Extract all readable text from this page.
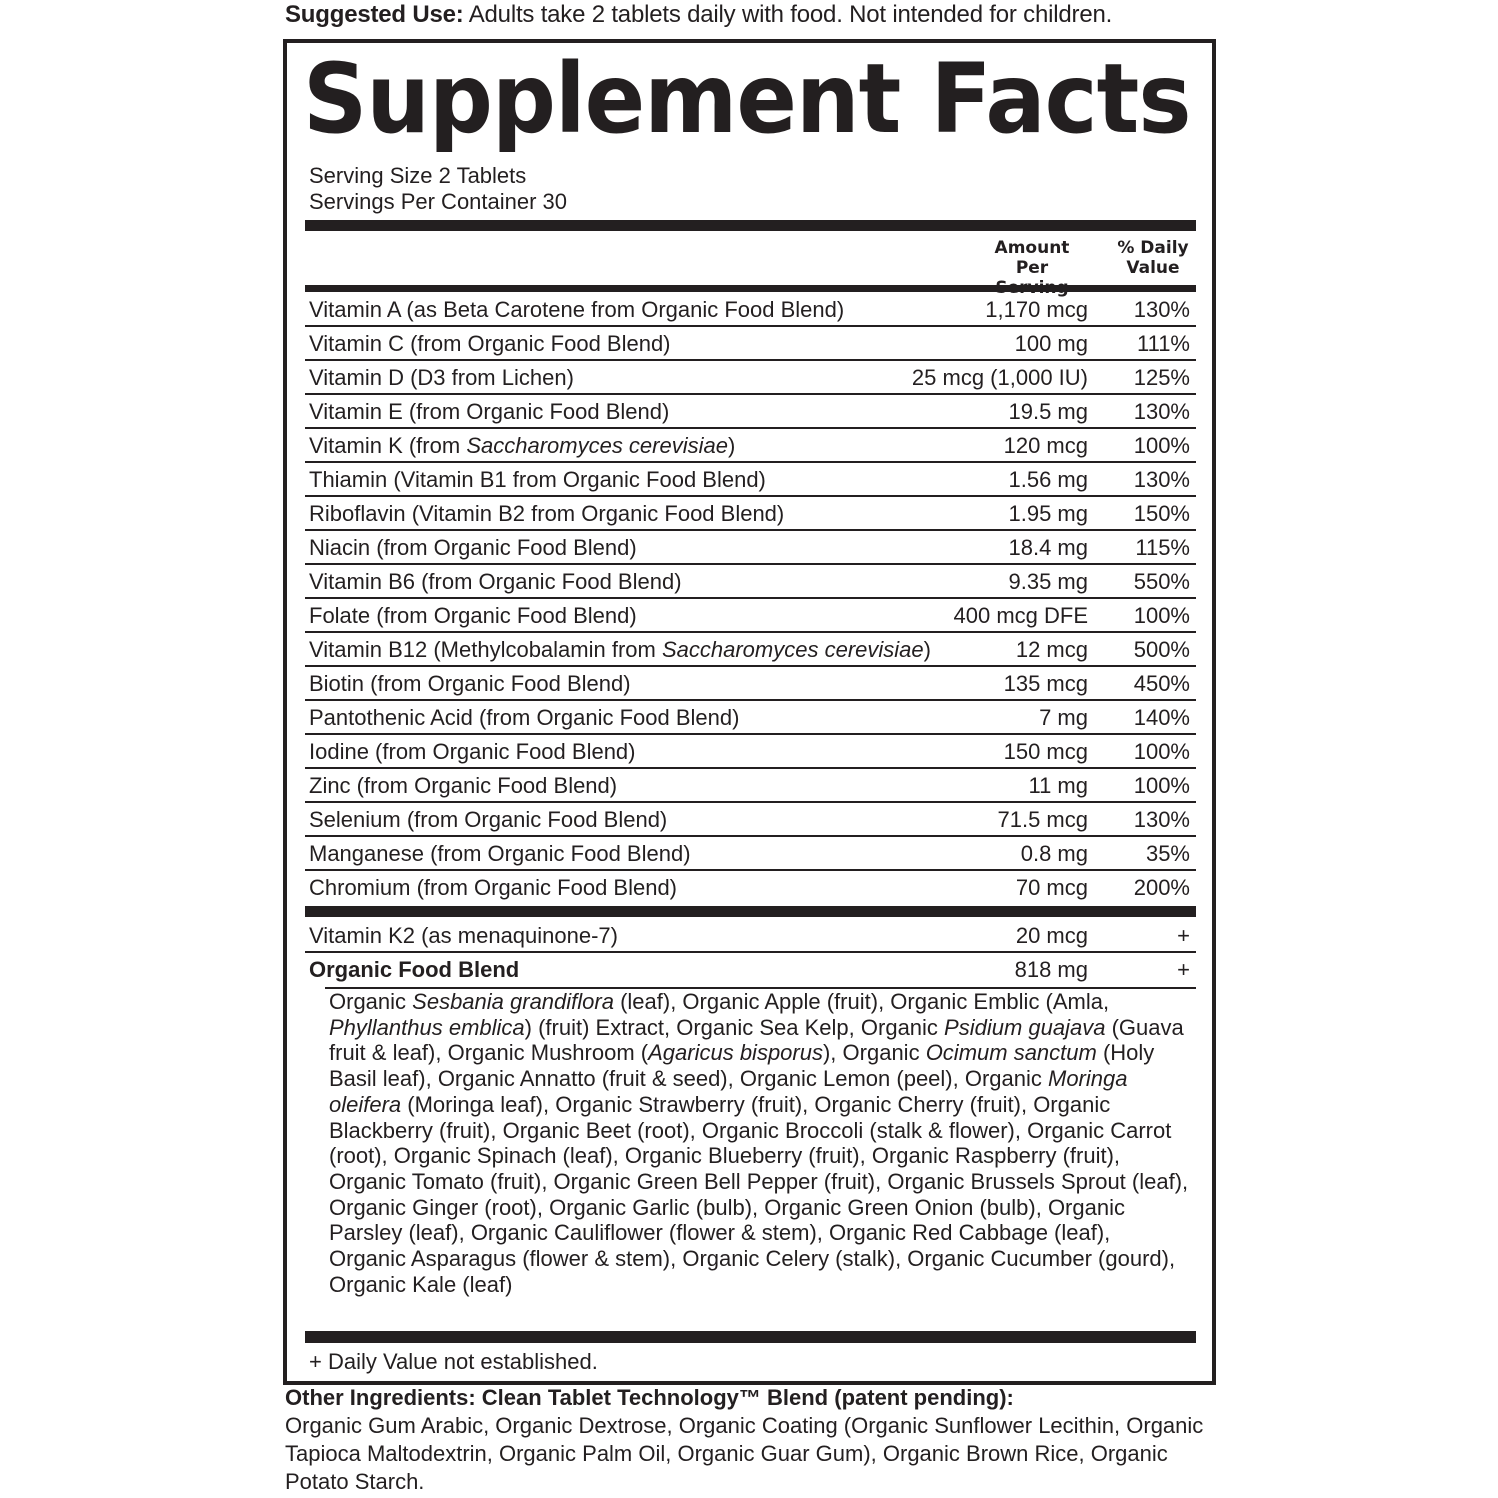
Suggested Use: Adults take 2 tablets daily with food. Not intended for children.
Supplement Facts
Serving Size 2 Tablets
Servings Per Container 30
Amount Per
% Daily
Value
Vitamin A (as Beta Carotene from Organic Food Blend)	1,170 mcg 130%
Vitamin C (from Organic Food Blend)	100 mg 111%
Vitamin D (D3 from Lichen)	25 mcg (1,000 IU) 125%
Vitamin E (from Organic Food Blend)	19.5 mg 130%
Vitamin K (from Saccharomyces cerevisiae)	120 mcg 100%
Thiamin (Vitamin B1 from Organic Food Blend)	1.56 mg 130%
Riboflavin (Vitamin B2 from Organic Food Blend)	1.95 mg 150%
Niacin (from Organic Food Blend)	18.4 mg 115%
Vitamin B6 (from Organic Food Blend)	9.35 mg 550%
Folate (from Organic Food Blend)	400 mcg DFE 100%
Vitamin B12 (Methylcobalamin from Saccharomyces cerevisiae)	12 mcg 500%
Biotin (from Organic Food Blend)	135 mcg 450%
Pantothenic Acid (from Organic Food Blend)	7 mg 140%
Iodine (from Organic Food Blend)	150 mcg 100%
Zinc (from Organic Food Blend)	11 mg 100%
Selenium (from Organic Food Blend)	71.5 mcg 130%
Manganese (from Organic Food Blend)	0.8 mg	35%
Chromium (from Organic Food Blend)	70 mcg 200%
Vitamin K2 (as menaquinone-7)	20 mcg	+
Organic Food Blend	818 mg	+
Organic Sesbania grandiflora (leaf), Organic Apple (fruit), Organic Emblic (Amla, Phyllanthus emblica) (fruit) Extract, Organic Sea Kelp, Organic Psidium guajava (Guava fruit & leaf), Organic Mushroom (Agaricus bisporus), Organic Ocimum sanctum (Holy Basil leaf), Organic Annatto (fruit & seed), Organic Lemon (peel), Organic Moringa oleifera (Moringa leaf), Organic Strawberry (fruit), Organic Cherry (fruit), Organic Blackberry (fruit), Organic Beet (root), Organic Broccoli (stalk & flower), Organic Carrot (root), Organic Spinach (leaf), Organic Blueberry (fruit), Organic Raspberry (fruit), Organic Tomato (fruit), Organic Green Bell Pepper (fruit), Organic Brussels Sprout (leaf), Organic Ginger (root), Organic Garlic (bulb), Organic Green Onion (bulb), Organic Parsley (leaf), Organic Cauliflower (flower & stem), Organic Red Cabbage (leaf), Organic Asparagus (flower & stem), Organic Celery (stalk), Organic Cucumber (gourd), Organic Kale (leaf)
+ Daily Value not established.
Other Ingredients: Clean Tablet Technology™ Blend (patent pending):
Organic Gum Arabic, Organic Dextrose, Organic Coating (Organic Sunflower Lecithin, Organic Tapioca Maltodextrin, Organic Palm Oil, Organic Guar Gum), Organic Brown Rice, Organic Potato Starch.
